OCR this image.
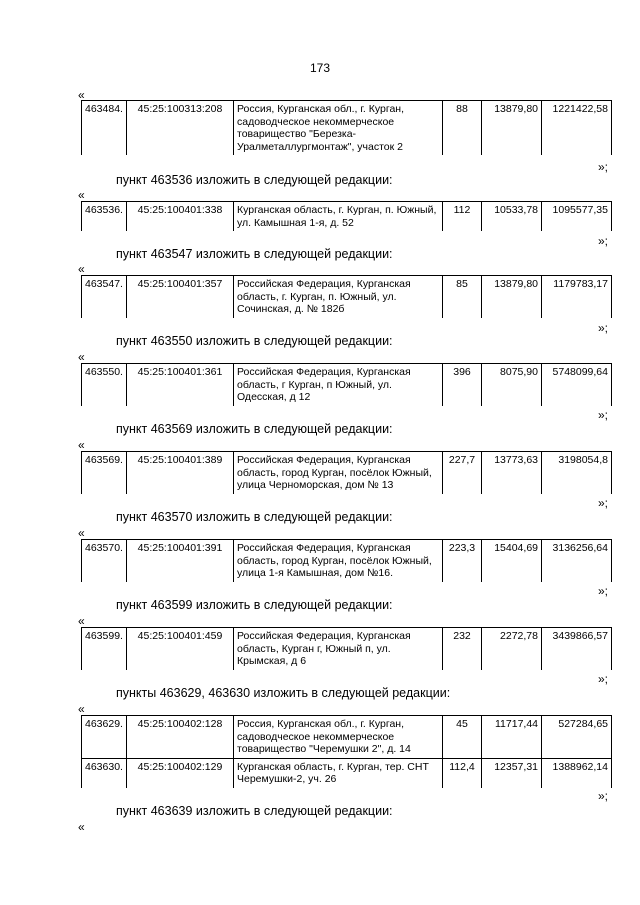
173
«
463484.	45:25:100313:208	Россия, Курганская обл., г. Курган, садоводческое некоммерческое товарищество "Березка-Уралметаллургмонтаж", участок 2	88	13879,80	1221422,58
»;
пункт 463536 изложить в следующей редакции:
«
463536.	45:25:100401:338	Курганская область, г. Курган, п. Южный, ул. Камышная 1-я, д. 52	112	10533,78	1095577,35
»;
пункт 463547 изложить в следующей редакции:
«
463547.	45:25:100401:357	Российская Федерация, Курганская область, г. Курган, п. Южный, ул. Сочинская, д. № 182б	85	13879,80	1179783,17
»;
пункт 463550 изложить в следующей редакции:
«
463550.	45:25:100401:361	Российская Федерация, Курганская область, г Курган, п Южный, ул. Одесская, д 12	396	8075,90	5748099,64
»;
пункт 463569 изложить в следующей редакции:
«
463569.	45:25:100401:389	Российская Федерация, Курганская область, город Курган, посёлок Южный, улица Черноморская, дом № 13	227,7	13773,63	3198054,8
»;
пункт 463570 изложить в следующей редакции:
«
463570.	45:25:100401:391	Российская Федерация, Курганская область, город Курган, посёлок Южный, улица 1-я Камышная, дом №16.	223,3	15404,69	3136256,64
»;
пункт 463599 изложить в следующей редакции:
«
463599.	45:25:100401:459	Российская Федерация, Курганская область, Курган г, Южный п, ул. Крымская, д 6	232	2272,78	3439866,57
»;
пункты 463629, 463630 изложить в следующей редакции:
«
463629.	45:25:100402:128	Россия, Курганская обл., г. Курган, садоводческое некоммерческое товарищество "Черемушки 2", д. 14	45	11717,44	527284,65
463630.	45:25:100402:129	Курганская область, г. Курган, тер. СНТ Черемушки-2, уч. 26	112,4	12357,31	1388962,14
»;
пункт 463639 изложить в следующей редакции:
«
